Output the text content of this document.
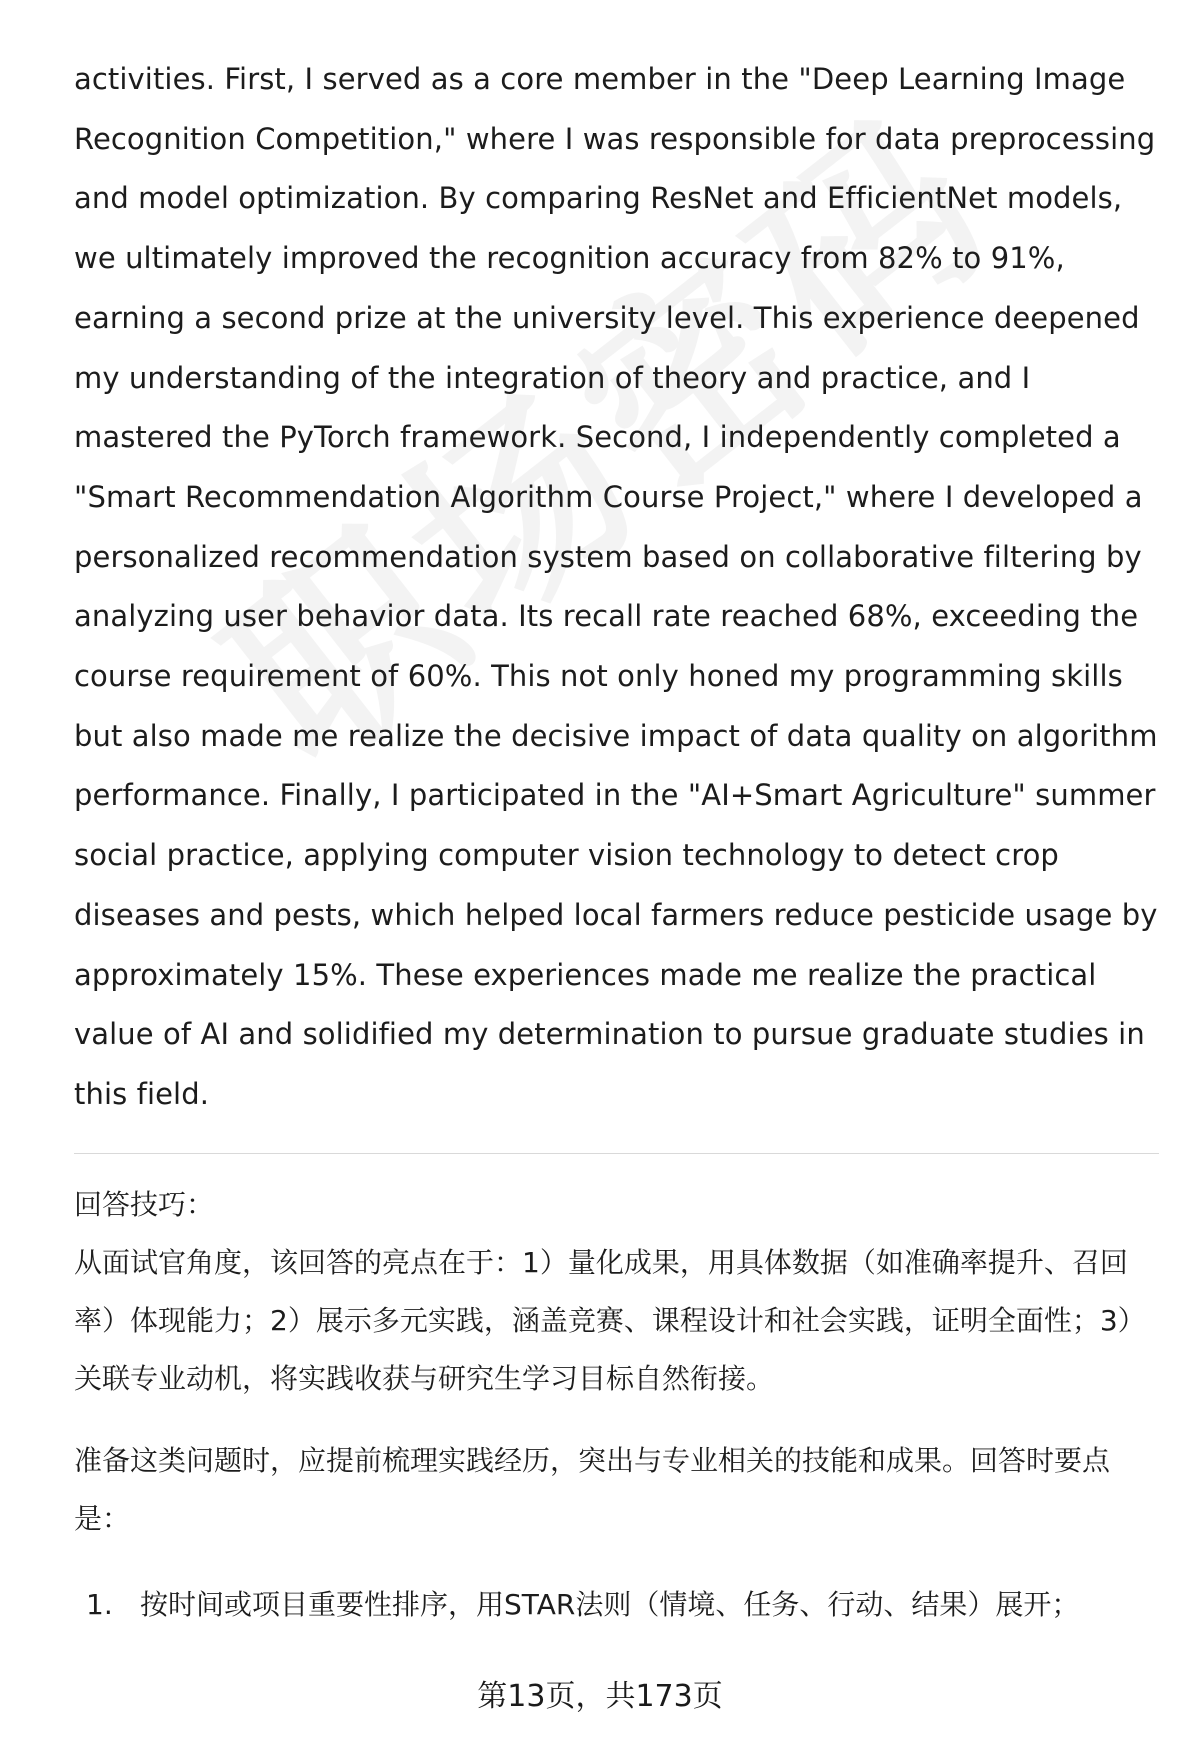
activities. First, I served as a core member in the "Deep Learning Image Recognition Competition," where I was responsible for data preprocessing and model optimization. By comparing ResNet and EfficientNet models, we ultimately improved the recognition accuracy from 82% to 91%, earning a second prize at the university level. This experience deepened my understanding of the integration of theory and practice, and I mastered the PyTorch framework. Second, I independently completed a "Smart Recommendation Algorithm Course Project," where I developed a personalized recommendation system based on collaborative filtering by analyzing user behavior data. Its recall rate reached 68%, exceeding the course requirement of 60%. This not only honed my programming skills but also made me realize the decisive impact of data quality on algorithm performance. Finally, I participated in the "AI+Smart Agriculture" summer social practice, applying computer vision technology to detect crop diseases and pests, which helped local farmers reduce pesticide usage by approximately 15%. These experiences made me realize the practical value of AI and solidified my determination to pursue graduate studies in this field.

回答技巧：
从面试官角度，该回答的亮点在于：1）量化成果，用具体数据（如准确率提升、召回率）体现能力；2）展示多元实践，涵盖竞赛、课程设计和社会实践，证明全面性；3）关联专业动机，将实践收获与研究生学习目标自然衔接。
准备这类问题时，应提前梳理实践经历，突出与专业相关的技能和成果。回答时要点是：
1. 按时间或项目重要性排序，用STAR法则（情境、任务、行动、结果）展开；
第13页，共173页
